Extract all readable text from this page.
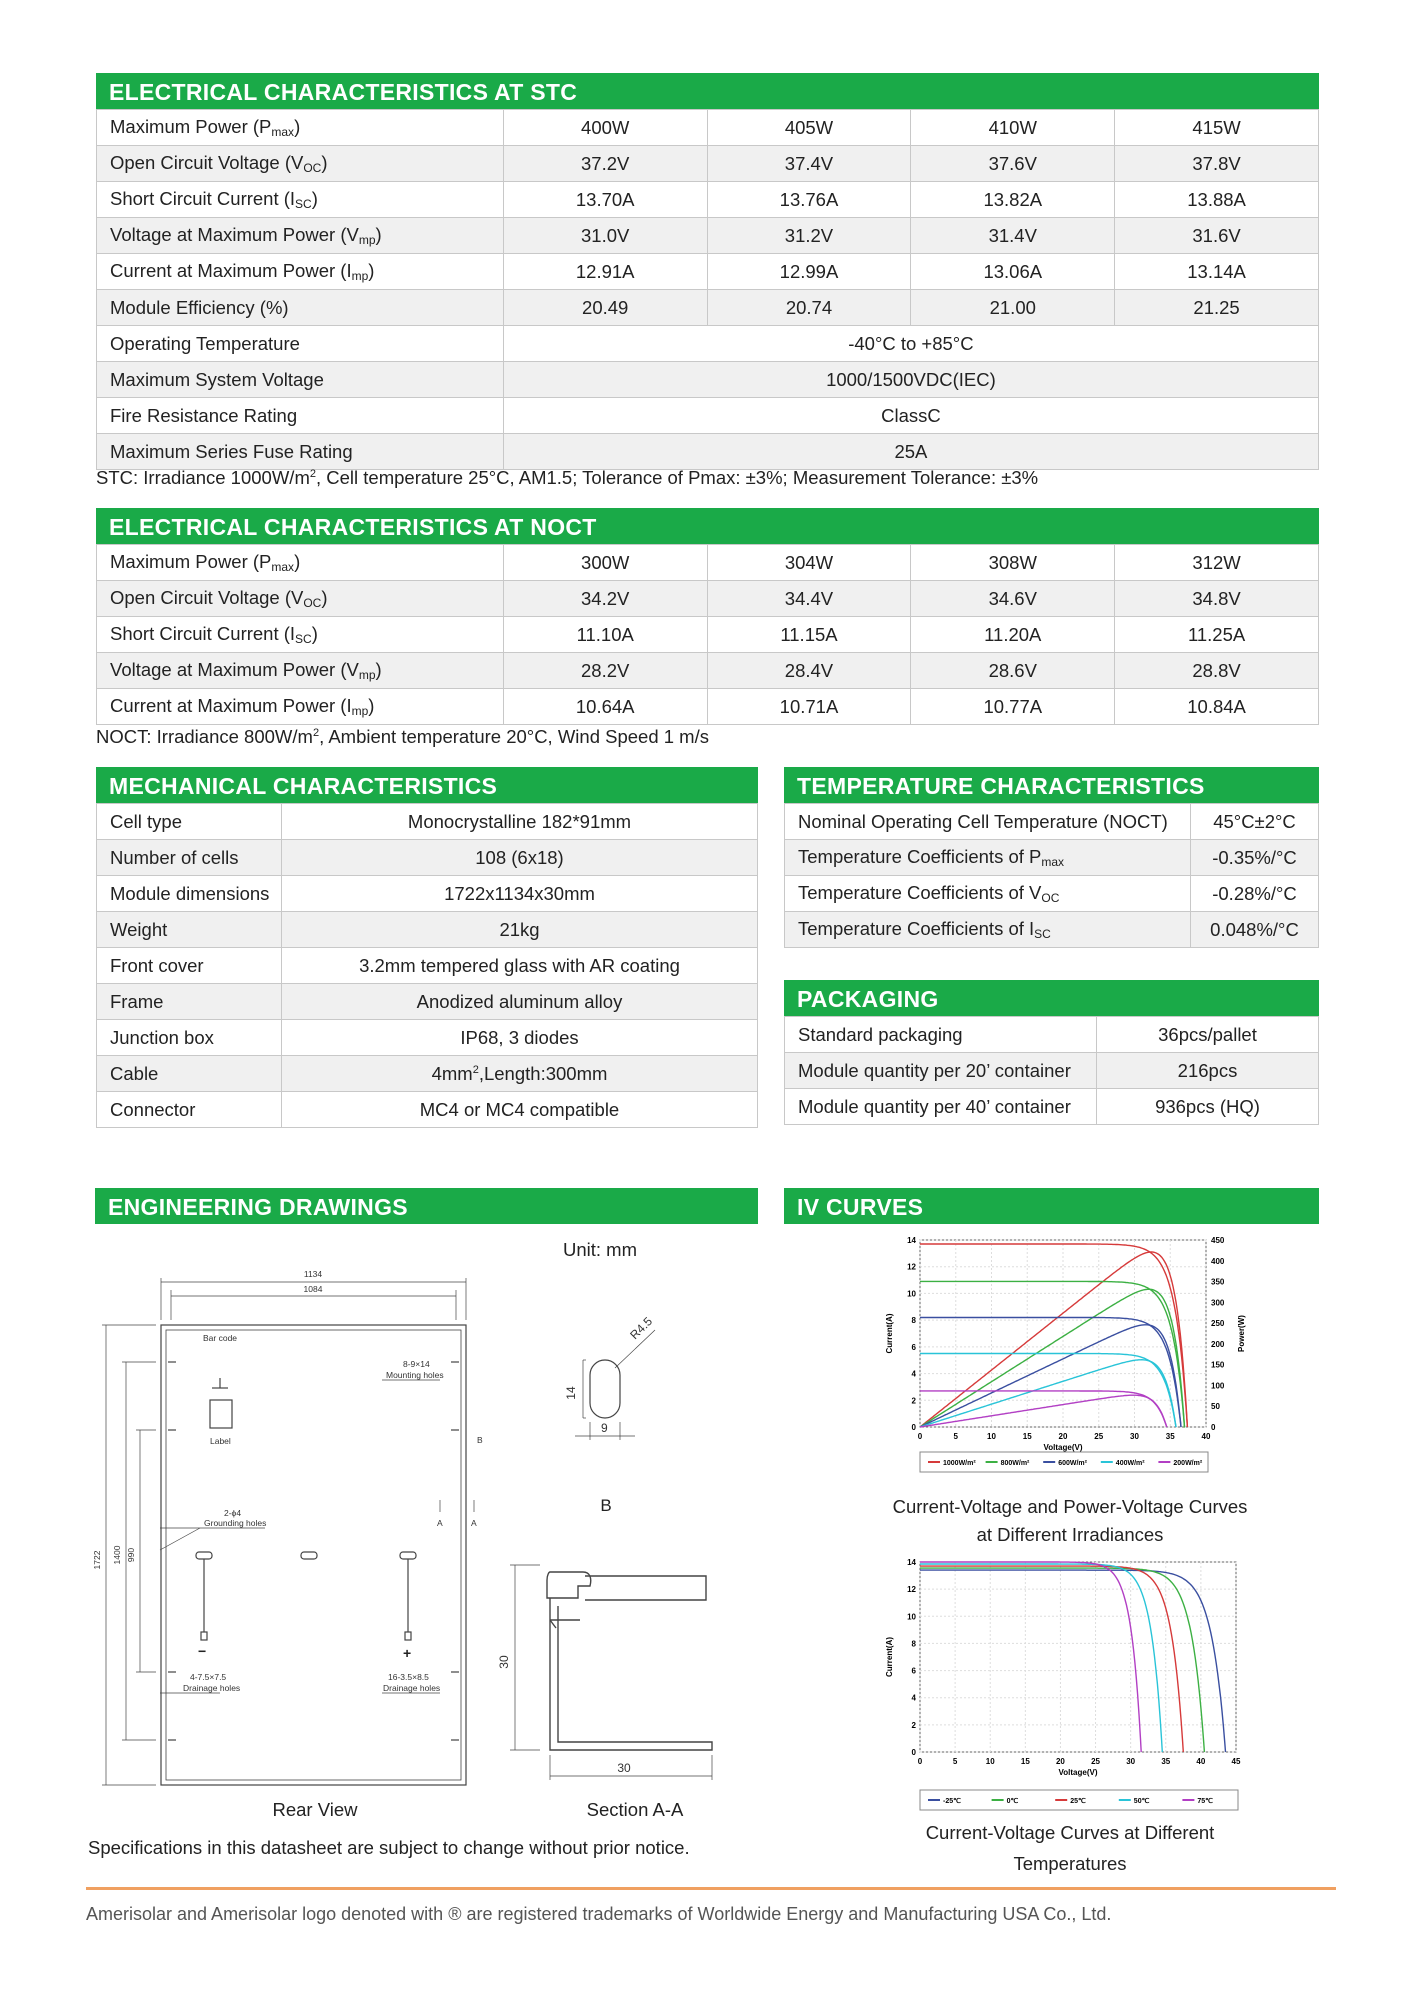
ELECTRICAL CHARACTERISTICS AT STC
Maximum Power $(P_{max})$	400W	405W	410W	415W
Open Circuit Voltage $(V_{OC})$	37.2V	37.4V	37.6V	37.8V
Short Circuit Current $(I_{SC})$	13.70A	13.76A	13.82A	13.88A
Voltage at Maximum Power $(V_{mp})$	31.0V	31.2V	31.4V	31.6V
Current at Maximum Power $(I_{mp})$	12.91A	12.99A	13.06A	13.14A
Module Efficiency (%)	20.49	20.74	21.00	21.25
Operating Temperature	-40°C to +85°C			
Maximum System Voltage	1000/1500VDC(IEC)			
Fire Resistance Rating	ClassC			
Maximum Series Fuse Rating	25A			
STC: Irradiance $1000W/m^2$, Cell temperature 25°C, AM1.5; Tolerance of Pmax: ±3%; Measurement Tolerance: ±3%
ELECTRICAL CHARACTERISTICS AT NOCT
Maximum Power $(P_{max})$	300W	304W	308W	312W
Open Circuit Voltage $(V_{OC})$	34.2V	34.4V	34.6V	34.8V
Short Circuit Current $(I_{SC})$	11.10A	11.15A	11.20A	11.25A
Voltage at Maximum Power $(V_{mp})$	28.2V	28.4V	28.6V	28.8V
Current at Maximum Power $(I_{mp})$	10.64A	10.71A	10.77A	10.84A
NOCT: Irradiance $800W/m^2$, Ambient temperature 20°C, Wind Speed 1 m/s
MECHANICAL CHARACTERISTICS
Cell type	Monocrystalline 182*91mm
Number of cells	108 (6x18)
Module dimensions	1722x1134x30mm
Weight	21kg
Front cover	3.2mm tempered glass with AR coating
Frame	Anodized aluminum alloy
Junction box	IP68, 3 diodes
Cable	$4mm^2,Length:300mm$
Connector	MC4 or MC4 compatible
TEMPERATURE CHARACTERISTICS
Nominal Operating Cell Temperature (NOCT)	45°C±2°C
Temperature Coefficients of $P_{max}$	-0.35%/°C
Temperature Coefficients of $V_{OC}$	-0.28%/°C
Temperature Coefficients of $I_{SC}$	0.048%/°C
PACKAGING
Standard packaging	36pcs/pallet
Module quantity per 20’ container	216pcs
Module quantity per 40’ container	936pcs (HQ)
ENGINEERING DRAWINGS
Unit: mm
1134
1084
1722 1400 990
Bar code
Label
8-9×14
Mounting holes
2-ϕ4
Grounding holes
4-7.5×7.5
Drainage holes
16-3.5×8.5
Drainage holes
B
A	A
−	+
14
9
R4.5
B
30
30
Rear View	Section A-A
Specifications in this datasheet are subject to change without prior notice.
IV CURVES
0	5	10	15	20	25	30	35	40
0
2
4
6
8
10
12
14
Voltage(V)
Current(A)
0
50
100
150
200
250
300
350
400
450
Power(W)
1000W/m²	800W/m²	600W/m²	400W/m²	200W/m²
Current-Voltage and Power-Voltage Curves
at Different Irradiances
0	5	10	15	20	25	30	35	40	45
0
2
4
6
8
10
12
14
Voltage(V)
Current(A)
-25℃	0℃	25℃	50℃	75℃
Current-Voltage Curves at Different
Temperatures
Amerisolar and Amerisolar logo denoted with ® are registered trademarks of Worldwide Energy and Manufacturing USA Co., Ltd.
